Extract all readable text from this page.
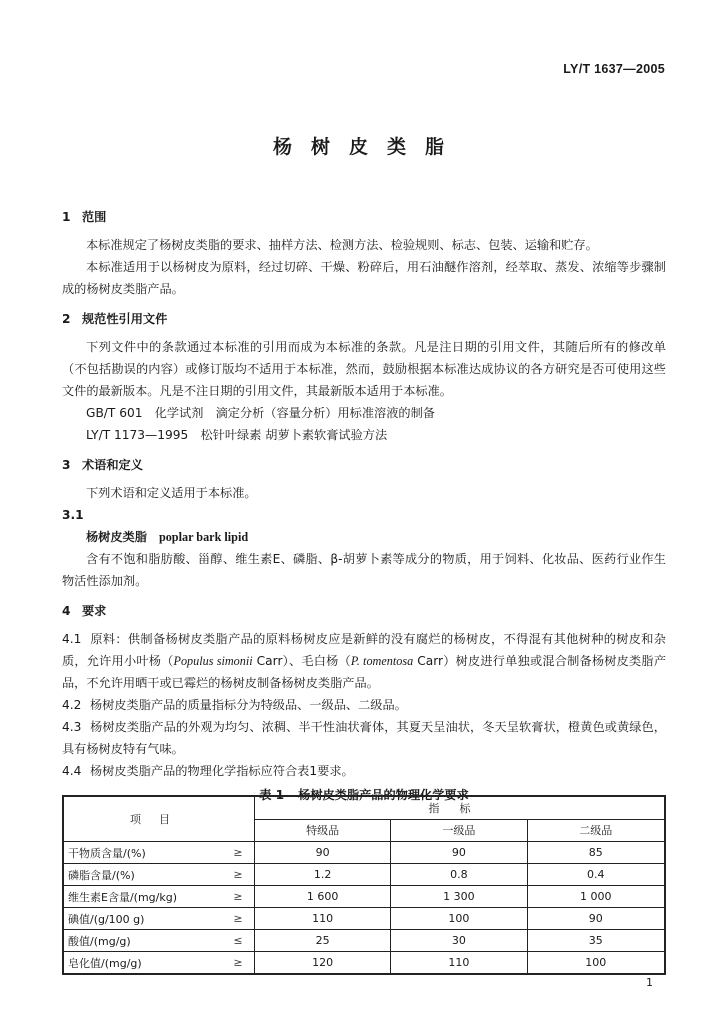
LY/T 1637—2005
杨树皮类脂
1 范围
本标准规定了杨树皮类脂的要求、抽样方法、检测方法、检验规则、标志、包装、运输和贮存。
本标准适用于以杨树皮为原料，经过切碎、干燥、粉碎后，用石油醚作溶剂，经萃取、蒸发、浓缩等步骤制成的杨树皮类脂产品。
2 规范性引用文件
下列文件中的条款通过本标准的引用而成为本标准的条款。凡是注日期的引用文件，其随后所有的修改单（不包括勘误的内容）或修订版均不适用于本标准，然而，鼓励根据本标准达成协议的各方研究是否可使用这些文件的最新版本。凡是不注日期的引用文件，其最新版本适用于本标准。
GB/T 601　化学试剂　滴定分析（容量分析）用标准溶液的制备
LY/T 1173—1995　松针叶绿素 胡萝卜素软膏试验方法
3 术语和定义
下列术语和定义适用于本标准。
3.1
杨树皮类脂 poplar bark lipid
含有不饱和脂肪酸、甾醇、维生素E、磷脂、β-胡萝卜素等成分的物质，用于饲料、化妆品、医药行业作生物活性添加剂。
4 要求
4.1 原料：供制备杨树皮类脂产品的原料杨树皮应是新鲜的没有腐烂的杨树皮，不得混有其他树种的树皮和杂质，允许用小叶杨（Populus simonii Carr）、毛白杨（P. tomentosa Carr）树皮进行单独或混合制备杨树皮类脂产品，不允许用晒干或已霉烂的杨树皮制备杨树皮类脂产品。
4.2 杨树皮类脂产品的质量指标分为特级品、一级品、二级品。
4.3 杨树皮类脂产品的外观为均匀、浓稠、半干性油状膏体，其夏天呈油状，冬天呈软膏状，橙黄色或黄绿色，具有杨树皮特有气味。
4.4 杨树皮类脂产品的物理化学指标应符合表1要求。
表 1 杨树皮类脂产品的物理化学要求
项目		指标		
		特级品	一级品	二级品
干物质含量/(%)	≥	90	90	85
磷脂含量/(%)	≥	1.2	0.8	0.4
维生素E含量/(mg/kg)	≥	1 600	1 300	1 000
碘值/(g/100 g)	≥	110	100	90
酸值/(mg/g)	≤	25	30	35
皂化值/(mg/g)	≥	120	110	100
1
